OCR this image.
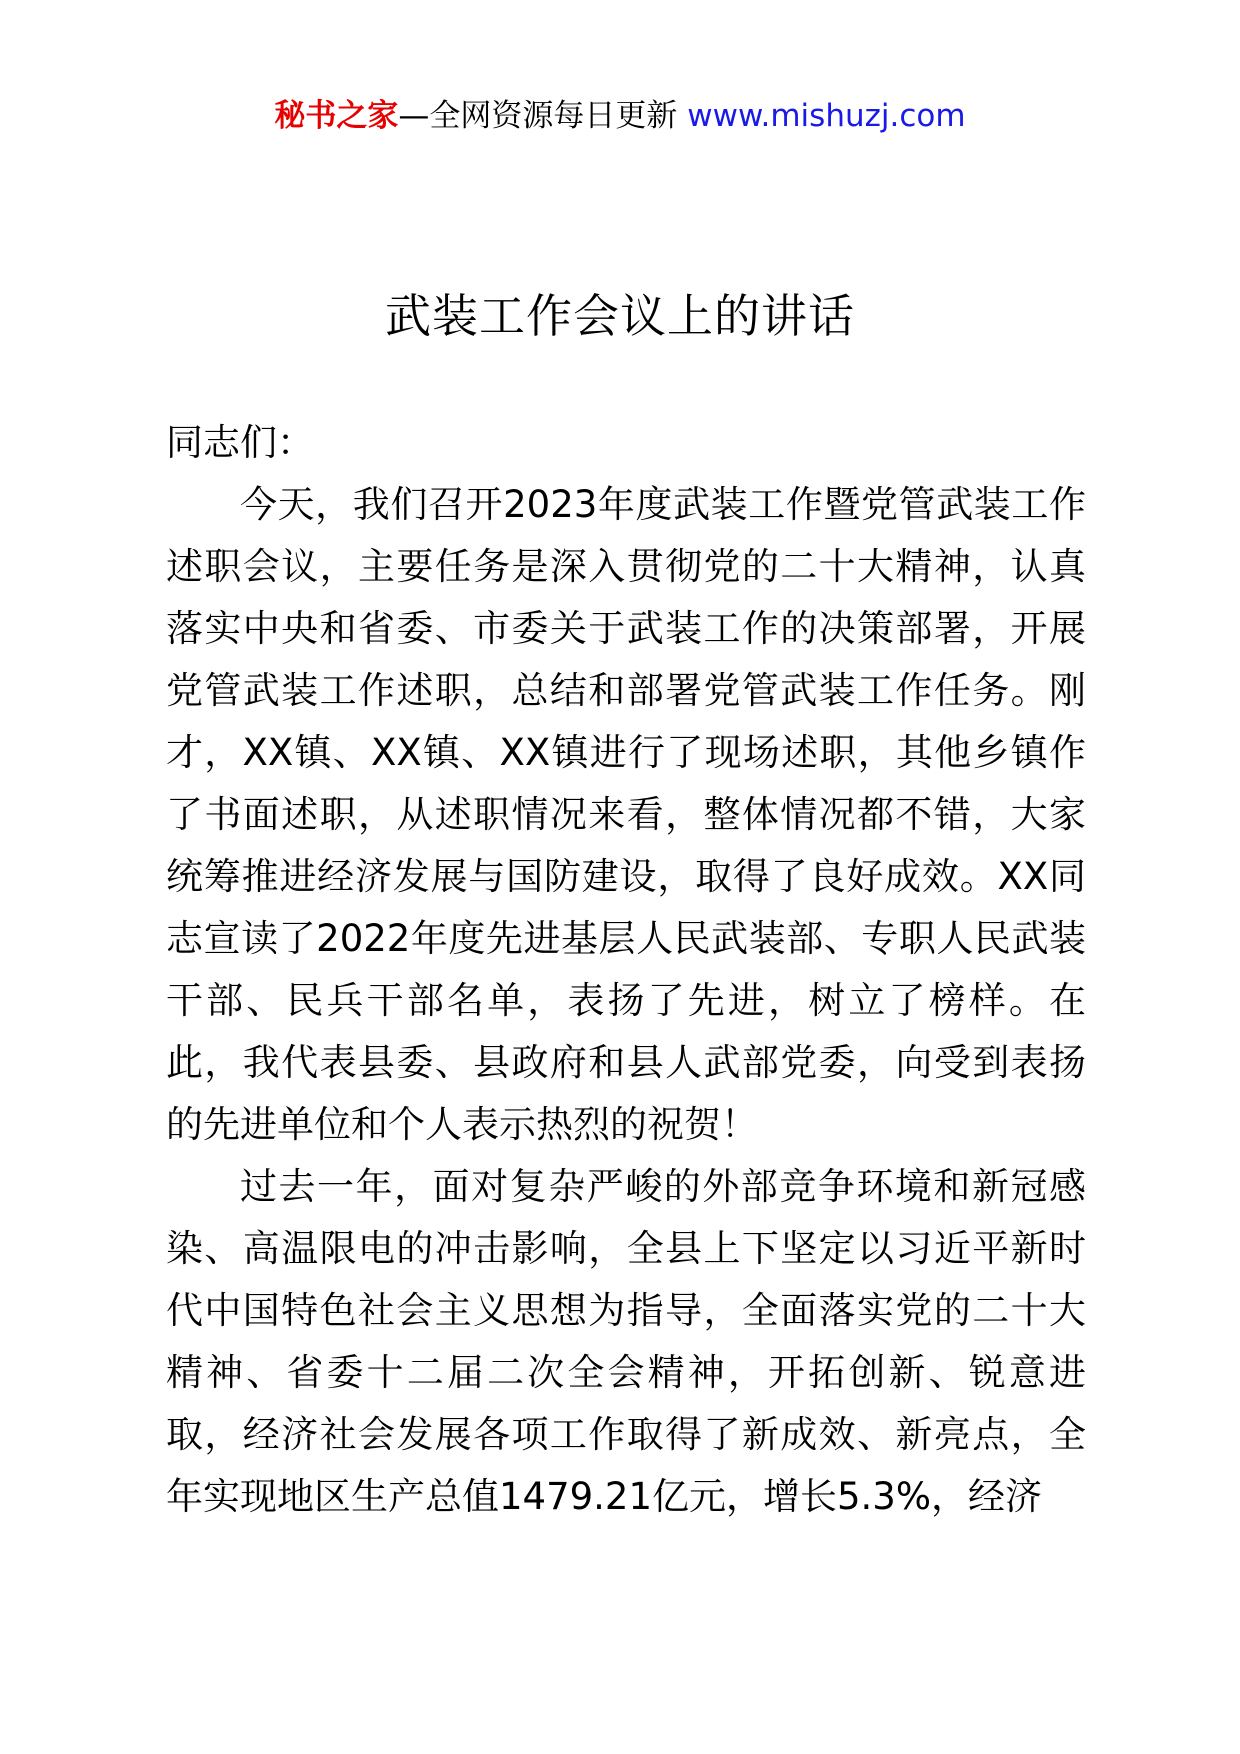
秘书之家—全网资源每日更新 www.mishuzj.com
武装工作会议上的讲话

同志们：

今天，我们召开2023年度武装工作暨党管武装工作述职会议，主要任务是深入贯彻党的二十大精神，认真落实中央和省委、市委关于武装工作的决策部署，开展党管武装工作述职，总结和部署党管武装工作任务。刚才，XX镇、XX镇、XX镇进行了现场述职，其他乡镇作了书面述职，从述职情况来看，整体情况都不错，大家统筹推进经济发展与国防建设，取得了良好成效。XX同志宣读了2022年度先进基层人民武装部、专职人民武装干部、民兵干部名单，表扬了先进，树立了榜样。在此，我代表县委、县政府和县人武部党委，向受到表扬的先进单位和个人表示热烈的祝贺！

过去一年，面对复杂严峻的外部竞争环境和新冠感染、高温限电的冲击影响，全县上下坚定以习近平新时代中国特色社会主义思想为指导，全面落实党的二十大精神、省委十二届二次全会精神，开拓创新、锐意进取，经济社会发展各项工作取得了新成效、新亮点，全年实现地区生产总值1479.21亿元，增长5.3%，经济
